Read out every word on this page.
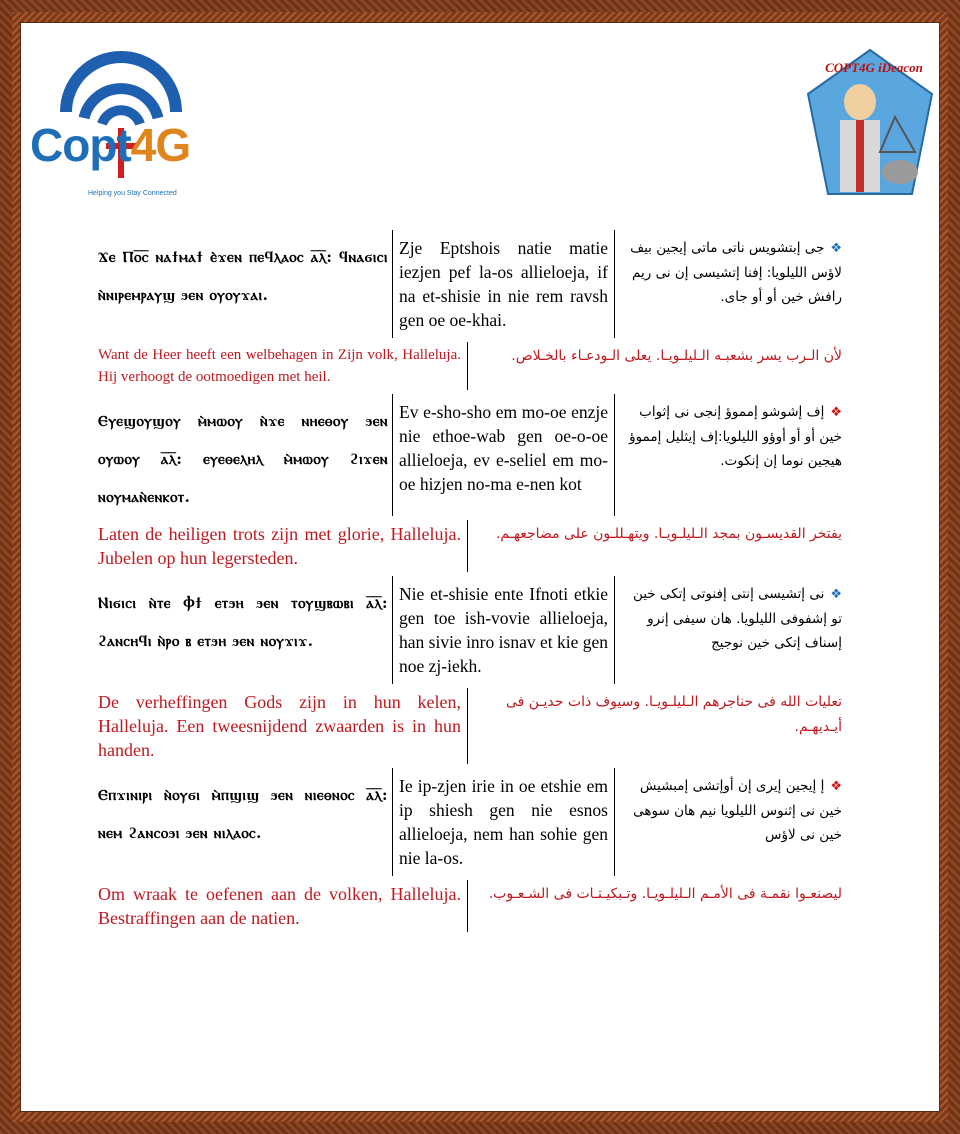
Copt4G
Helping you Stay Connected
COPT4G iDeacon
Ϫⲉ Ⲡⲟ̅ⲥ̅ ⲛⲁϯⲙⲁϯ ⲉ̀ϫⲉⲛ ⲡⲉϥⲗⲁⲟⲥ ⲁ̅ⲗ̅: ϥⲛⲁϭⲓⲥⲓ ⲛ̀ⲛⲓⲣⲉⲙⲣⲁⲩϣ ϧⲉⲛ ⲟⲩⲟⲩϫⲁⲓ.
Zje Eptshois natie matie iezjen pef la-os allieloeja, if na et-shisie in nie rem ravsh gen oe oe-khai.
❖جى إبتشويس ناتى ماتى إيجين بيف لاؤس الليلويا: إفنا إتشيسى إن نى ريم رافش خين أو أو جاى.
Want de Heer heeft een welbehagen in Zijn volk, Halleluja. Hij verhoogt de ootmoedigen met heil.
لأن الـرب يسر بشعبـه الـليلـويـا. يعلى الـودعـاء بالخـلاص.
Ⲉⲩⲉϣⲟⲩϣⲟⲩ ⲙ̀ⲙⲱⲟⲩ ⲛ̀ϫⲉ ⲛⲏⲉⲑⲟⲩ ϧⲉⲛ ⲟⲩⲱⲟⲩ ⲁ̅ⲗ̅: ⲉⲩⲉⲑⲉⲗⲏⲗ ⲙ̀ⲙⲱⲟⲩ ϩⲓϫⲉⲛ ⲛⲟⲩⲙⲁⲛ̀ⲉⲛⲕⲟⲧ.
Ev e-sho-sho em mo-oe enzje nie ethoe-wab gen oe-o-oe allieloeja, ev e-seliel em mo-oe hizjen no-ma e-nen kot
❖إف إشوشو إمموؤ إنجى نى إثواب خين أو أو أوؤو الليلويا:إف إيثليل إمموؤ هيجين نوما إن إنكوت.
Laten de heiligen trots zijn met glorie, Halleluja. Jubelen op hun legersteden.
يفتخر القديسـون بمجد الـليلـويـا. ويتهـللـون على مضاجعهـم.
Ⲛⲓϭⲓⲥⲓ ⲛ̀ⲧⲉ Ⲫϯ ⲉⲧϧⲏ ϧⲉⲛ ⲧⲟⲩϣⲃⲱⲃⲓ ⲁ̅ⲗ̅: ϩⲁⲛⲥⲏϥⲓ ⲛ̀ⲣⲟ ⲃ ⲉⲧϧⲏ ϧⲉⲛ ⲛⲟⲩϫⲓϫ.
Nie et-shisie ente Ifnoti etkie gen toe ish-vovie allieloeja, han sivie inro isnav et kie gen noe zj-iekh.
❖نى إتشيسى إنتى إفنوتى إتكى خين تو إشفوفى الليلويا. هان سيفى إنرو إسناف إتكى خين نوجيج
De verheffingen Gods zijn in hun kelen, Halleluja. Een tweesnijdend zwaarden is in hun handen.
تعليات الله فى حناجرهم الـليلـويـا. وسيوف ذات حديـن فى أيـديهـم.
Ⲉⲡϫⲓⲛⲓⲣⲓ ⲛ̀ⲟⲩϭⲓ ⲙ̀ⲡϣⲓϣ ϧⲉⲛ ⲛⲓⲉⲑⲛⲟⲥ ⲁ̅ⲗ̅: ⲛⲉⲙ ϩⲁⲛⲥⲟϧⲓ ϧⲉⲛ ⲛⲓⲗⲁⲟⲥ.
Ie ip-zjen irie in oe etshie em ip shiesh gen nie esnos allieloeja, nem han sohie gen nie la-os.
❖إ إيجين إيرى إن أوإتشى إمبشيش خين نى إثنوس الليلويا نيم هان سوهى خين نى لاؤس
Om wraak te oefenen aan de volken, Halleluja. Bestraffingen aan de natien.
ليصنعـوا نقمـة فى الأمـم الـليلـويـا. وتـبكيـتـات فى الشـعـوب.
